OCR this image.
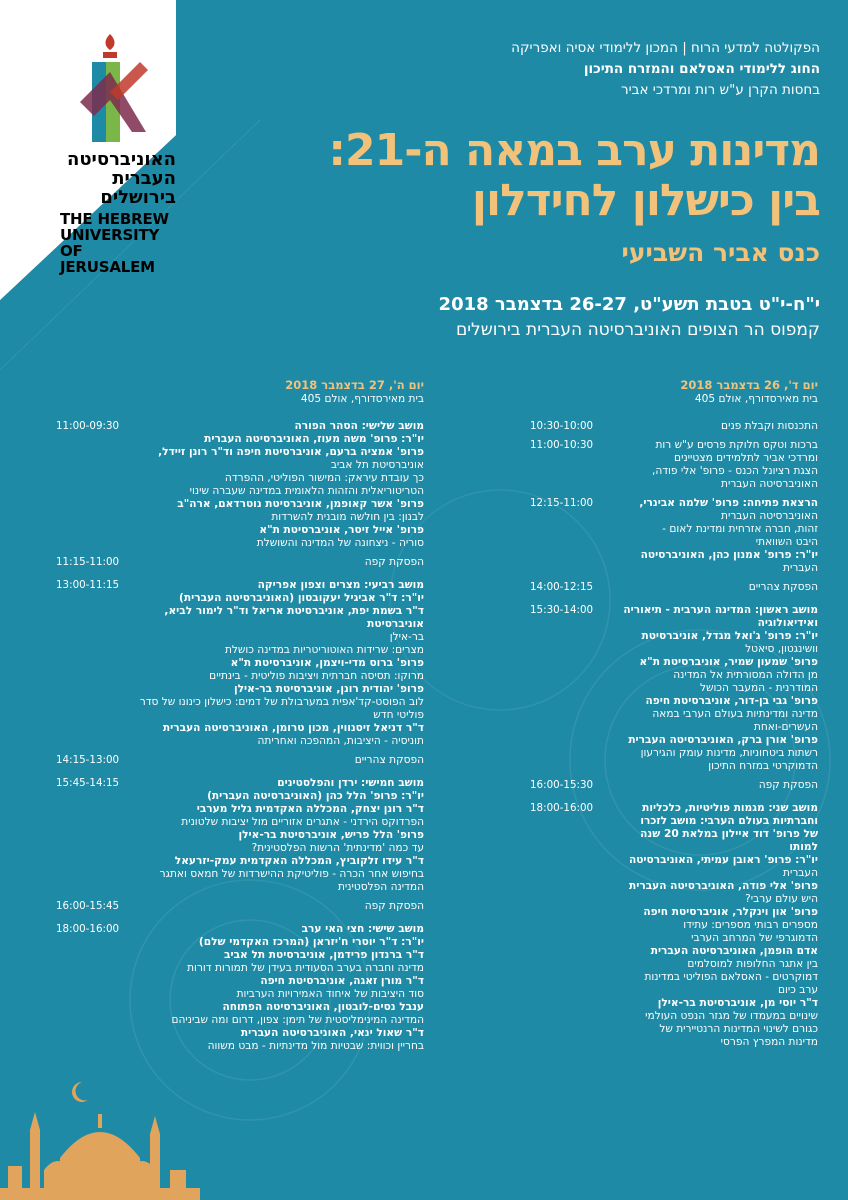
האוניברסיטה
העברית
בירושלים
THE HEBREW
UNIVERSITY
OF JERUSALEM
הפקולטה למדעי הרוח | המכון ללימודי אסיה ואפריקה
החוג ללימודי האסלאם והמזרח התיכון
בחסות הקרן ע"ש רות ומרדכי אביר
מדינות ערב במאה ה-21:
בין כישלון לחידלון
כנס אביר השביעי
י"ח-י"ט בטבת תשע"ט, 26-27 בדצמבר 2018
קמפוס הר הצופים האוניברסיטה העברית בירושלים
יום ד', 26 בדצמבר 2018
בית מאירסדורף, אולם 405
התכנסות וקבלת פנים
10:30-10:00
ברכות וטקס חלוקת פרסים ע"ש רות
ומרדכי אביר לתלמידים מצטיינים
הצגת רציונל הכנס - פרופ' אלי פודה,
האוניברסיטה העברית
11:00-10:30
הרצאת פתיחה: פרופ' שלמה אבינרי,
האוניברסיטה העברית
זהות, חברה אזרחית ומדינת לאום -
היבט השוואתי
יו"ר: פרופ' אמנון כהן, האוניברסיטה
העברית
12:15-11:00
הפסקת צהריים
14:00-12:15
מושב ראשון: המדינה הערבית - תיאוריה
ואידיאולוגיה
יו"ר: פרופ' ג'ואל מגדל, אוניברסיטת
וושינגטון, סיאטל
פרופ' שמעון שמיר, אוניברסיטת ת"א
מן הדולה המסורתית אל המדינה
המודרנית - המעבר הכושל
פרופ' גבי בן-דור, אוניברסיטת חיפה
מדינה ומדינתיות בעולם הערבי במאה
העשרים-ואחת
פרופ' אורן ברק, האוניברסיטה העברית
רשתות ביטחוניות, מדינות עומק והגירעון
הדמוקרטי במזרח התיכון
15:30-14:00
הפסקת קפה
16:00-15:30
מושב שני: מגמות פוליטיות, כלכליות
וחברתיות בעולם הערבי: מושב לזכרו
של פרופ' דוד איילון במלאת 20 שנה
למותו
יו"ר: פרופ' ראובן עמיתי, האוניברסיטה
העברית
פרופ' אלי פודה, האוניברסיטה העברית
היש עולם ערבי?
פרופ' און וינקלר, אוניברסיטת חיפה
מספרים רבותי מספרים: עתידו
הדמוגרפי של המרחב הערבי
אדם הופמן, האוניברסיטה העברית
בין אתגר החלופות למוסלמים
דמוקרטים - האסלאם הפוליטי במדינות
ערב כיום
ד"ר יוסי מן, אוניברסיטת בר-אילן
שינויים במעמדו של מגזר הנפט העולמי
כגורם לשינוי המדינות הרנטיירית של
מדינות המפרץ הפרסי
18:00-16:00
יום ה', 27 בדצמבר 2018
בית מאירסדורף, אולם 405
מושב שלישי: הסהר הפורה
יו"ר: פרופ' משה מעוז, האוניברסיטה העברית
פרופ' אמציה ברעם, אוניברסיטת חיפה וד"ר רונן זיידל,
אוניברסיטת תל אביב
כך עובדת עיראק: המישור הפוליטי, ההפרדה
הטריטוריאלית והזהות הלאומית במדינה שעברה שינוי
פרופ' אשר קאופמן, אוניברסיטת נוטרדאם, ארה"ב
לבנון: בין חולשה מובנית להשרדות
פרופ' אייל זיסר, אוניברסיטת ת"א
סוריה - ניצחונה של המדינה והשושלת
11:00-09:30
הפסקת קפה
11:15-11:00
מושב רביעי: מצרים וצפון אפריקה
יו"ר: ד"ר אביגיל יעקובסון (האוניברסיטה העברית)
ד"ר בשמת יפת, אוניברסיטת אריאל וד"ר לימור לביא, אוניברסיטת
בר-אילן
מצרים: שרידות האוטוריטריות במדינה כושלת
פרופ' ברוס מדי-ויצמן, אוניברסיטת ת"א
מרוקו: תסיסה חברתית ויציבות פוליטית - בינתיים
פרופ' יהודית רונן, אוניברסיטת בר-אילן
לוב הפוסט-קד'אפית במערבולת של דמים: כישלון כינונו של סדר
פוליטי חדש
ד"ר דניאל זיסנווין, מכון טרומן, האוניברסיטה העברית
תוניסיה - היציבות, המהפכה ואחריתה
13:00-11:15
הפסקת צהריים
14:15-13:00
מושב חמישי: ירדן והפלסטינים
יו"ר: פרופ' הלל כהן (האוניברסיטה העברית)
ד"ר רונן יצחק, המכללה האקדמית גליל מערבי
הפרדוקס הירדני - אתגרים אזוריים מול יציבות שלטונית
פרופ' הלל פריש, אוניברסיטת בר-אילן
עד כמה 'מדינתית' הרשות הפלסטינית?
ד"ר עידו זלקוביץ, המכללה האקדמית עמק-יזרעאל
בחיפוש אחר הכרה - פוליטיקת ההישרדות של חמאס ואתגר
המדינה הפלסטינית
15:45-14:15
הפסקת קפה
16:00-15:45
מושב שישי: חצי האי ערב
יו"ר: ד"ר יוסרי ח'יזראן (המרכז האקדמי שלם)
ד"ר ברנדון פרידמן, אוניברסיטת תל אביב
מדינה וחברה בערב הסעודית בעידן של תמורות דורות
ד"ר מורן זאגה, אוניברסיטת חיפה
סוד היציבות של איחוד האמירויות הערביות
ענבל נסים-לובטון, האוניברסיטה הפתוחה
המדינה המינימליסטית של תימן: צפון, דרום ומה שביניהם
ד"ר שאול ינאי, האוניברסיטה העברית
בחריין וכווית: שבטיות מול מדינתיות - מבט משווה
18:00-16:00
